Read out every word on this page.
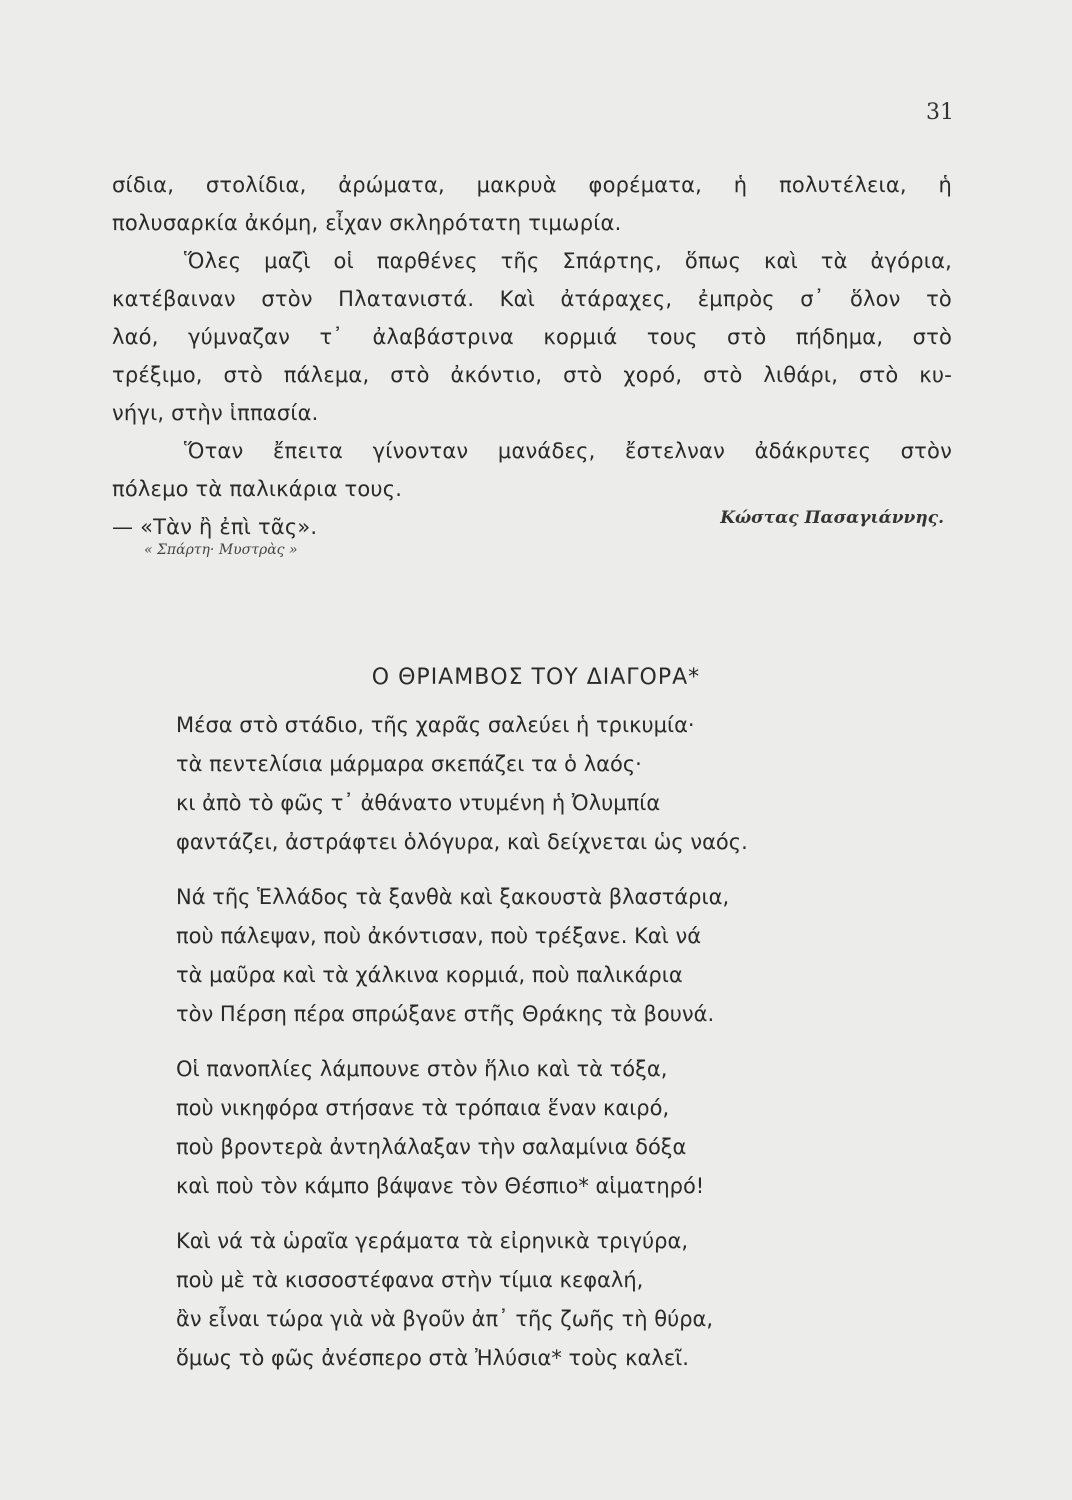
31

σίδια, στολίδια, ἀρώματα, μακρυὰ φορέματα, ἡ πολυτέλεια, ἡ

πολυσαρκία ἀκόμη, εἶχαν σκληρότατη τιμωρία.

Ὅλες μαζὶ οἱ παρθένες τῆς Σπάρτης, ὅπως καὶ τὰ ἀγόρια,

κατέβαιναν στὸν Πλατανιστά. Καὶ ἀτάραχες, ἐμπρὸς σ᾽ ὅλον τὸ

λαό, γύμναζαν τ᾽ ἀλαβάστρινα κορμιά τους στὸ πήδημα, στὸ

τρέξιμο, στὸ πάλεμα, στὸ ἀκόντιο, στὸ χορό, στὸ λιθάρι, στὸ κυ-

νήγι, στὴν ἱππασία.

Ὅταν ἔπειτα γίνονταν μανάδες, ἔστελναν ἀδάκρυτες στὸν

πόλεμο τὰ παλικάρια τους.

— «Τὰν ἢ ἐπὶ τᾶς».	Κώστας Πασαγιάννης.
« Σπάρτη· Μυστρὰς »
Ο ΘΡΙΑΜΒΟΣ ΤΟΥ ΔΙΑΓΟΡΑ*
Μέσα στὸ στάδιο, τῆς χαρᾶς σαλεύει ἡ τρικυμία·
τὰ πεντελίσια μάρμαρα σκεπάζει τα ὁ λαός·
κι ἀπὸ τὸ φῶς τ᾽ ἀθάνατο ντυμένη ἡ Ὀλυμπία
φαντάζει, ἀστράφτει ὁλόγυρα, καὶ δείχνεται ὡς ναός.
Νά τῆς Ἑλλάδος τὰ ξανθὰ καὶ ξακουστὰ βλαστάρια,
ποὺ πάλεψαν, ποὺ ἀκόντισαν, ποὺ τρέξανε. Καὶ νά
τὰ μαῦρα καὶ τὰ χάλκινα κορμιά, ποὺ παλικάρια
τὸν Πέρση πέρα σπρώξανε στῆς Θράκης τὰ βουνά.
Οἱ πανοπλίες λάμπουνε στὸν ἥλιο καὶ τὰ τόξα,
ποὺ νικηφόρα στήσανε τὰ τρόπαια ἕναν καιρό,
ποὺ βροντερὰ ἀντηλάλαξαν τὴν σαλαμίνια δόξα
καὶ ποὺ τὸν κάμπο βάψανε τὸν Θέσπιο* αἱματηρό!
Καὶ νά τὰ ὡραῖα γεράματα τὰ εἰρηνικὰ τριγύρα,
ποὺ μὲ τὰ κισσοστέφανα στὴν τίμια κεφαλή,
ἂν εἶναι τώρα γιὰ νὰ βγοῦν ἀπ᾽ τῆς ζωῆς τὴ θύρα,
ὅμως τὸ φῶς ἀνέσπερο στὰ Ἠλύσια* τοὺς καλεῖ.
